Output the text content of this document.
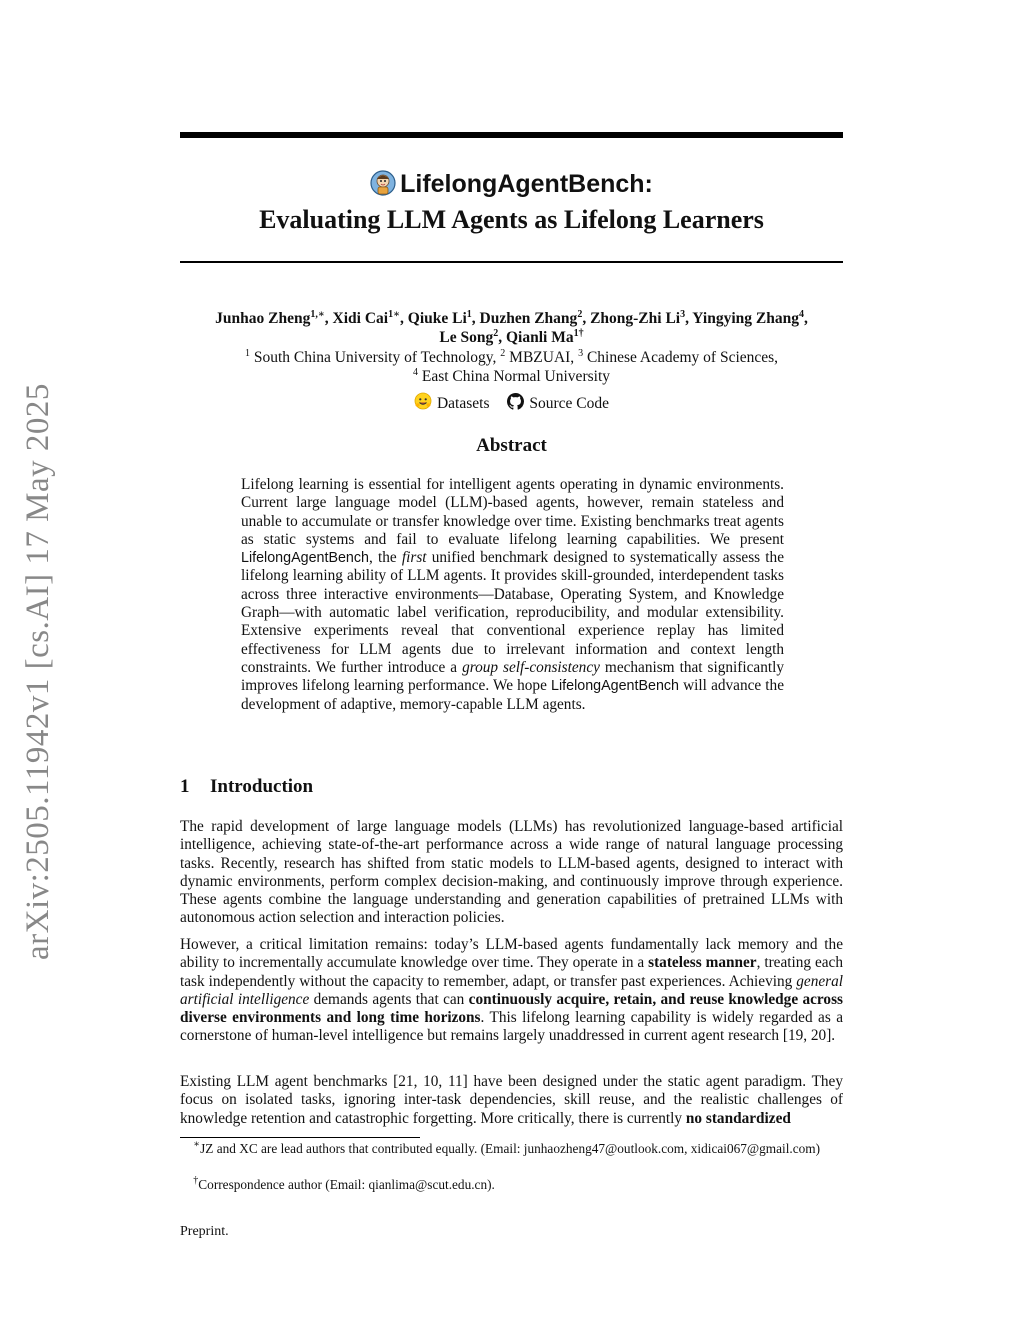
arXiv:2505.11942v1 [cs.AI] 17 May 2025
LifelongAgentBench:
Evaluating LLM Agents as Lifelong Learners
Junhao Zheng$^{1,∗}$, Xidi Cai$^{1∗}$, Qiuke Li$^1$, Duzhen Zhang$^2$, Zhong-Zhi Li$^3$, Yingying Zhang$^4$,
Le Song$^2$, Qianli $Ma^{1\dagger}$
$^1$ South China University of Technology, $^2$ MBZUAI, $^3$ Chinese Academy of Sciences,
$^4$ East China Normal University
Datasets
	Source Code
Abstract
Lifelong learning is essential for intelligent agents operating in dynamic environments. Current large language model (LLM)-based agents, however, remain stateless and unable to accumulate or transfer knowledge over time. Existing benchmarks treat agents as static systems and fail to evaluate lifelong learning capabilities. We present LifelongAgentBench, the first unified benchmark designed to systematically assess the lifelong learning ability of LLM agents. It provides skill-grounded, interdependent tasks across three interactive environments—Database, Operating System, and Knowledge Graph—with automatic label verification, reproducibility, and modular extensibility. Extensive experiments reveal that conventional experience replay has limited effectiveness for LLM agents due to irrelevant information and context length constraints. We further introduce a group self-consistency mechanism that significantly improves lifelong learning performance. We hope LifelongAgentBench will advance the development of adaptive, memory-capable LLM agents.
1 Introduction
The rapid development of large language models (LLMs) has revolutionized language-based artificial intelligence, achieving state-of-the-art performance across a wide range of natural language processing tasks. Recently, research has shifted from static models to LLM-based agents, designed to interact with dynamic environments, perform complex decision-making, and continuously improve through experience. These agents combine the language understanding and generation capabilities of pretrained LLMs with autonomous action selection and interaction policies.
However, a critical limitation remains: today’s LLM-based agents fundamentally lack memory and the ability to incrementally accumulate knowledge over time. They operate in a stateless manner, treating each task independently without the capacity to remember, adapt, or transfer past experiences. Achieving general artificial intelligence demands agents that can continuously acquire, retain, and reuse knowledge across diverse environments and long time horizons. This lifelong learning capability is widely regarded as a cornerstone of human-level intelligence but remains largely unaddressed in current agent research [19, 20].
Existing LLM agent benchmarks [21, 10, 11] have been designed under the static agent paradigm. They focus on isolated tasks, ignoring inter-task dependencies, skill reuse, and the realistic challenges of knowledge retention and catastrophic forgetting. More critically, there is currently no standardized
∗JZ and XC are lead authors that contributed equally. (Email: junhaozheng47@outlook.com, xidicai067@gmail.com)
†Correspondence author (Email: qianlima@scut.edu.cn).
Preprint.
